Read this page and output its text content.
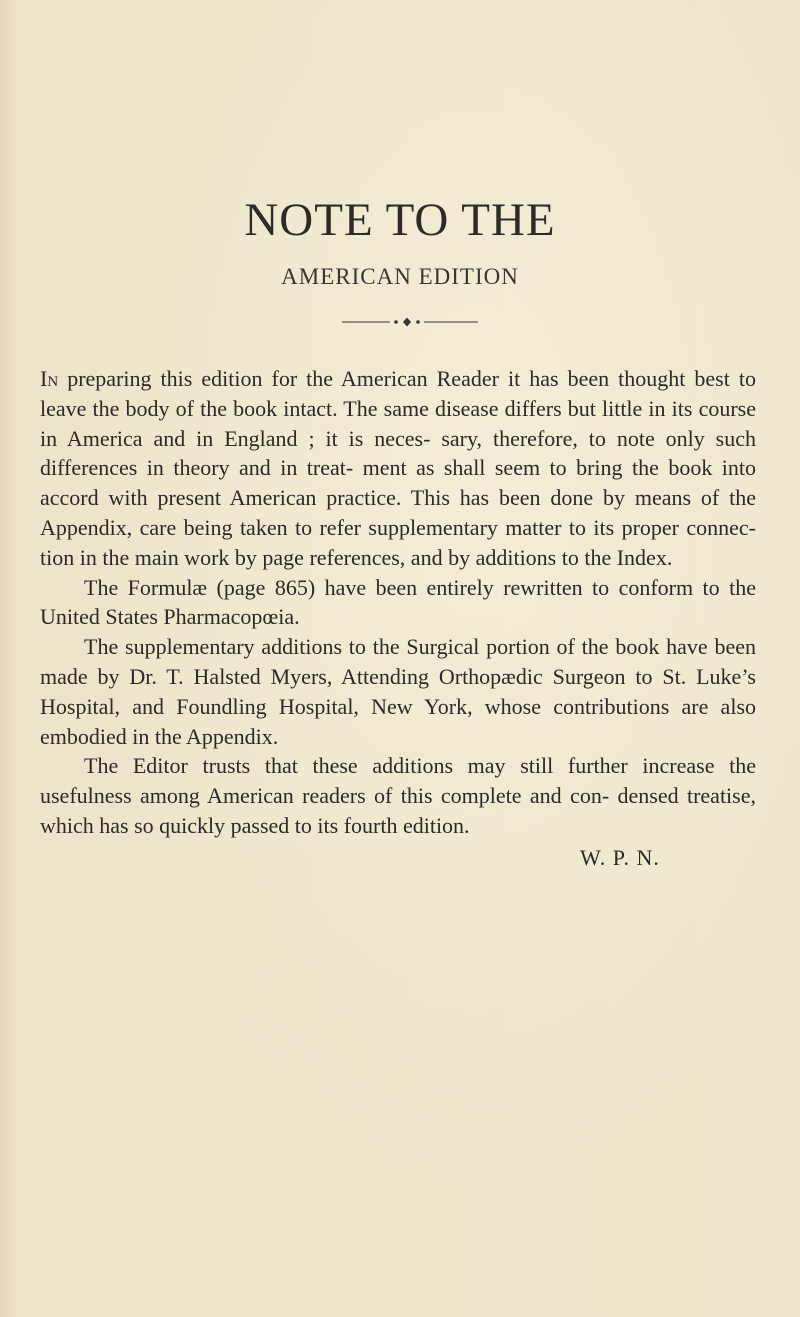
NOTE TO THE
AMERICAN EDITION

In preparing this edition for the American Reader it has been thought best to leave the body of the book intact. The same disease differs but little in its course in America and in England ; it is neces- sary, therefore, to note only such differences in theory and in treat- ment as shall seem to bring the book into accord with present American practice. This has been done by means of the Appendix, care being taken to refer supplementary matter to its proper connec- tion in the main work by page references, and by additions to the Index.

The Formulæ (page 865) have been entirely rewritten to conform to the United States Pharmacopœia.

The supplementary additions to the Surgical portion of the book have been made by Dr. T. Halsted Myers, Attending Orthopædic Surgeon to St. Luke’s Hospital, and Foundling Hospital, New York, whose contributions are also embodied in the Appendix.

The Editor trusts that these additions may still further increase the usefulness among American readers of this complete and con- densed treatise, which has so quickly passed to its fourth edition.

W. P. N.
